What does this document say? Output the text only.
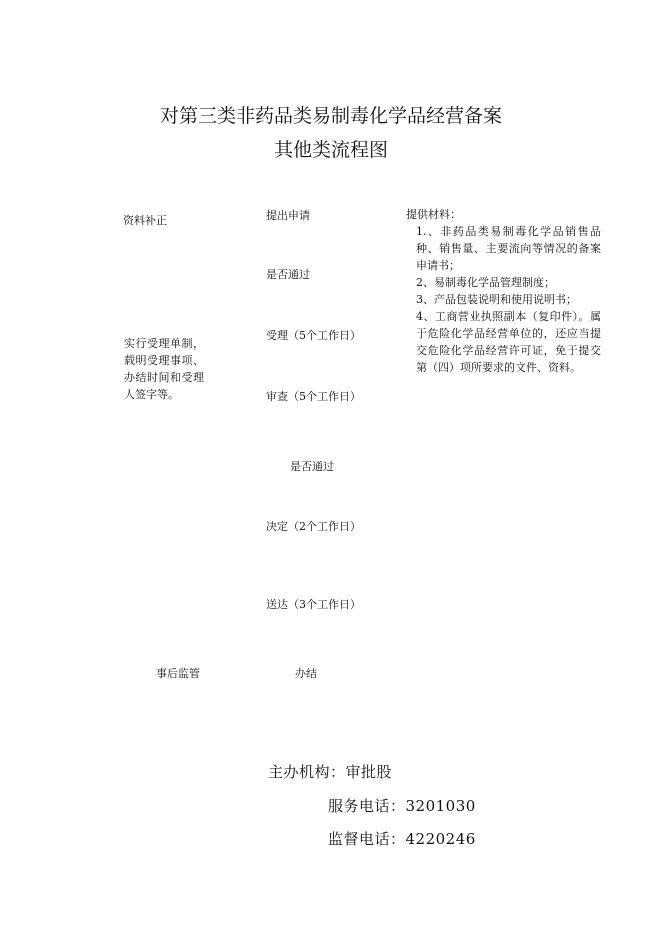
对第三类非药品类易制毒化学品经营备案
其他类流程图
资料补正
实行受理单制，载明受理事项、办结时间和受理人签字等。
事后监管
提出申请
是否通过
受理（5个工作日）
审查（5个工作日）
是否通过
决定（2个工作日）
送达（3个工作日）
办结
提供材料：
1.、非药品类易制毒化学品销售品种、销售量、主要流向等情况的备案申请书；
2、易制毒化学品管理制度；
3、产品包装说明和使用说明书；
4、工商营业执照副本（复印件）。属于危险化学品经营单位的，还应当提交危险化学品经营许可证，免于提交第（四）项所要求的文件、资料。
主办机构：审批股
服务电话：3201030
监督电话：4220246
